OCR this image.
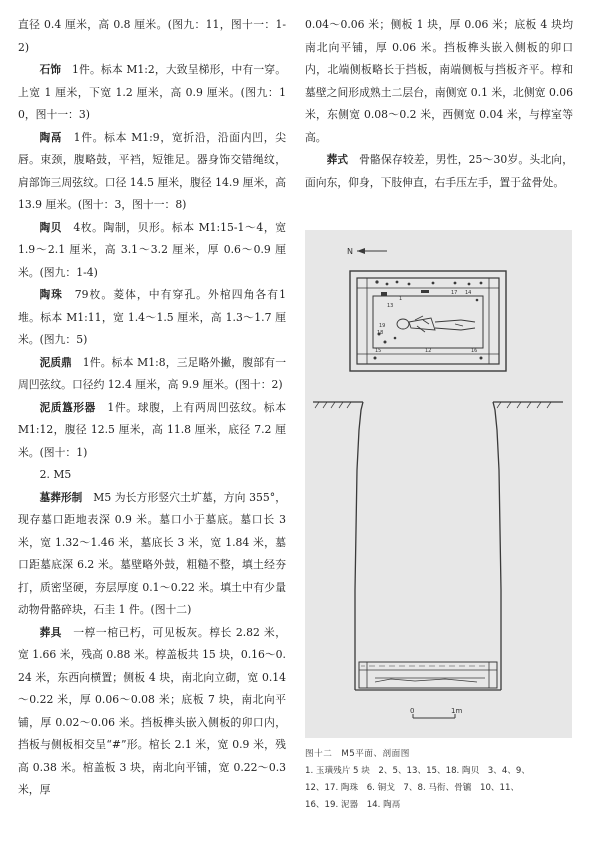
直径 0.4 厘米，高 0.8 厘米。(图九：11，图十一：1-2)

石饰　1件。标本 M1:2，大致呈梯形，中有一穿。上宽 1 厘米，下宽 1.2 厘米，高 0.9 厘米。(图九：10，图十一：3)

陶鬲　1件。标本 M1:9，宽折沿，沿面内凹，尖唇。束颈，腹略鼓，平裆，短锥足。器身饰交错绳纹，肩部饰三周弦纹。口径 14.5 厘米，腹径 14.9 厘米，高 13.9 厘米。(图十：3，图十一：8)

陶贝　4枚。陶制，贝形。标本 M1:15-1～4，宽 1.9～2.1 厘米，高 3.1～3.2 厘米，厚 0.6～0.9 厘米。(图九：1-4)

陶珠　79枚。菱体，中有穿孔。外棺四角各有1堆。标本 M1:11，宽 1.4～1.5 厘米，高 1.3～1.7 厘米。(图九：5)

泥质鼎　1件。标本 M1:8，三足略外撇，腹部有一周凹弦纹。口径约 12.4 厘米，高 9.9 厘米。(图十：2)

泥质簋形器　1件。球腹，上有两周凹弦纹。标本 M1:12，腹径 12.5 厘米，高 11.8 厘米，底径 7.2 厘米。(图十：1)

2. M5

墓葬形制　M5 为长方形竖穴土圹墓，方向 355°，现存墓口距地表深 0.9 米。墓口小于墓底。墓口长 3 米，宽 1.32～1.46 米，墓底长 3 米，宽 1.84 米，墓口距墓底深 6.2 米。墓壁略外鼓，粗糙不整，填土经夯打，质密坚硬，夯层厚度 0.1～0.22 米。填土中有少量动物骨骼碎块，石圭 1 件。(图十二)

葬具　一椁一棺已朽，可见板灰。椁长 2.82 米，宽 1.66 米，残高 0.88 米。椁盖板共 15 块，0.16～0.24 米，东西向横置；侧板 4 块，南北向立砌，宽 0.14～0.22 米，厚 0.06～0.08 米；底板 7 块，南北向平铺，厚 0.02～0.06 米。挡板榫头嵌入侧板的卯口内，挡板与侧板相交呈“#”形。棺长 2.1 米，宽 0.9 米，残高 0.38 米。棺盖板 3 块，南北向平铺，宽 0.22～0.3 米，厚

0.04～0.06 米；侧板 1 块，厚 0.06 米；底板 4 块均南北向平铺，厚 0.06 米。挡板榫头嵌入侧板的卯口内，北端侧板略长于挡板，南端侧板与挡板齐平。椁和墓壁之间形成熟土二层台，南侧宽 0.1 米，北侧宽 0.06 米，东侧宽 0.08～0.2 米，西侧宽 0.04 米，与椁室等高。

葬式　骨骼保存较差，男性，25～30岁。头北向，面向东，仰身，下肢伸直，右手压左手，置于盆骨处。

N
19
18
13
1
17 14
15	16
12
0	1m
图十二　M5平面、剖面图
1. 玉璜残片 5 块　2、5、13、15、18. 陶贝　3、4、9、
12、17. 陶珠　6. 铜戈　7、8. 马衔、骨镳　10、11、
16、19. 泥器　14. 陶鬲
